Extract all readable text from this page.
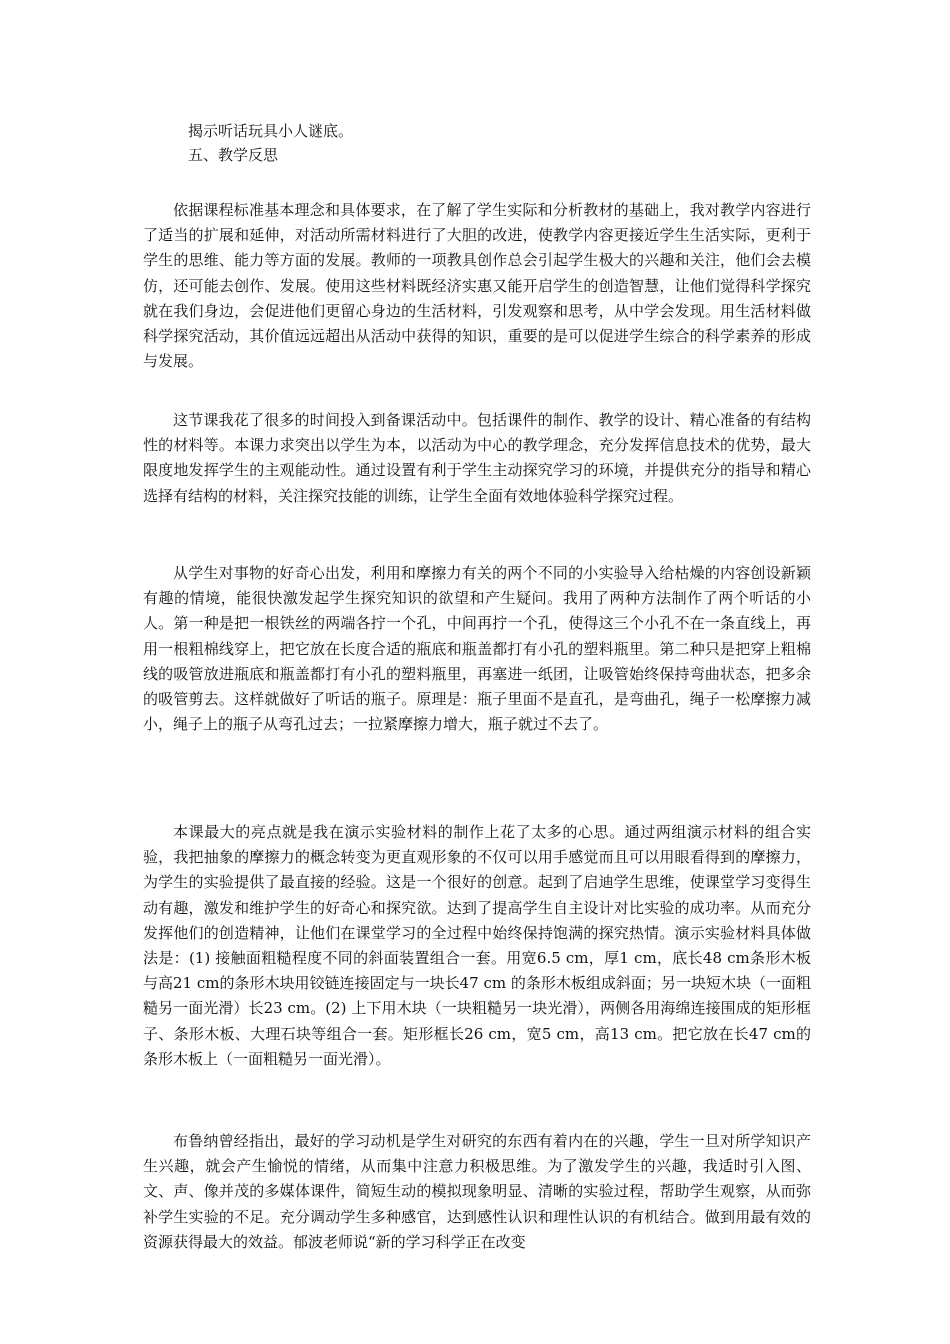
揭示听话玩具小人谜底。
五、教学反思

依据课程标准基本理念和具体要求，在了解了学生实际和分析教材的基础上，我对教学内容进行了适当的扩展和延伸，对活动所需材料进行了大胆的改进，使教学内容更接近学生生活实际，更利于学生的思维、能力等方面的发展。教师的一项教具创作总会引起学生极大的兴趣和关注，他们会去模仿，还可能去创作、发展。使用这些材料既经济实惠又能开启学生的创造智慧，让他们觉得科学探究就在我们身边，会促进他们更留心身边的生活材料，引发观察和思考，从中学会发现。用生活材料做科学探究活动，其价值远远超出从活动中获得的知识，重要的是可以促进学生综合的科学素养的形成与发展。

这节课我花了很多的时间投入到备课活动中。包括课件的制作、教学的设计、精心准备的有结构性的材料等。本课力求突出以学生为本，以活动为中心的教学理念，充分发挥信息技术的优势，最大限度地发挥学生的主观能动性。通过设置有利于学生主动探究学习的环境，并提供充分的指导和精心选择有结构的材料，关注探究技能的训练，让学生全面有效地体验科学探究过程。

从学生对事物的好奇心出发，利用和摩擦力有关的两个不同的小实验导入给枯燥的内容创设新颖有趣的情境，能很快激发起学生探究知识的欲望和产生疑问。我用了两种方法制作了两个听话的小人。第一种是把一根铁丝的两端各拧一个孔，中间再拧一个孔，使得这三个小孔不在一条直线上，再用一根粗棉线穿上，把它放在长度合适的瓶底和瓶盖都打有小孔的塑料瓶里。第二种只是把穿上粗棉线的吸管放进瓶底和瓶盖都打有小孔的塑料瓶里，再塞进一纸团，让吸管始终保持弯曲状态，把多余的吸管剪去。这样就做好了听话的瓶子。原理是：瓶子里面不是直孔，是弯曲孔，绳子一松摩擦力减小，绳子上的瓶子从弯孔过去；一拉紧摩擦力增大，瓶子就过不去了。

本课最大的亮点就是我在演示实验材料的制作上花了太多的心思。通过两组演示材料的组合实验，我把抽象的摩擦力的概念转变为更直观形象的不仅可以用手感觉而且可以用眼看得到的摩擦力，为学生的实验提供了最直接的经验。这是一个很好的创意。起到了启迪学生思维，使课堂学习变得生动有趣，激发和维护学生的好奇心和探究欲。达到了提高学生自主设计对比实验的成功率。从而充分发挥他们的创造精神，让他们在课堂学习的全过程中始终保持饱满的探究热情。演示实验材料具体做法是：(1) 接触面粗糙程度不同的斜面装置组合一套。用宽6.5 cm，厚1 cm，底长48 cm条形木板与高21 cm的条形木块用铰链连接固定与一块长47 cm 的条形木板组成斜面；另一块短木块（一面粗糙另一面光滑）长23 cm。(2) 上下用木块（一块粗糙另一块光滑），两侧各用海绵连接围成的矩形框子、条形木板、大理石块等组合一套。矩形框长26 cm，宽5 cm，高13 cm。把它放在长47 cm的条形木板上（一面粗糙另一面光滑）。

布鲁纳曾经指出，最好的学习动机是学生对研究的东西有着内在的兴趣，学生一旦对所学知识产生兴趣，就会产生愉悦的情绪，从而集中注意力积极思维。为了激发学生的兴趣，我适时引入图、文、声、像并茂的多媒体课件，简短生动的模拟现象明显、清晰的实验过程，帮助学生观察，从而弥补学生实验的不足。充分调动学生多种感官，达到感性认识和理性认识的有机结合。做到用最有效的资源获得最大的效益。郁波老师说“新的学习科学正在改变
